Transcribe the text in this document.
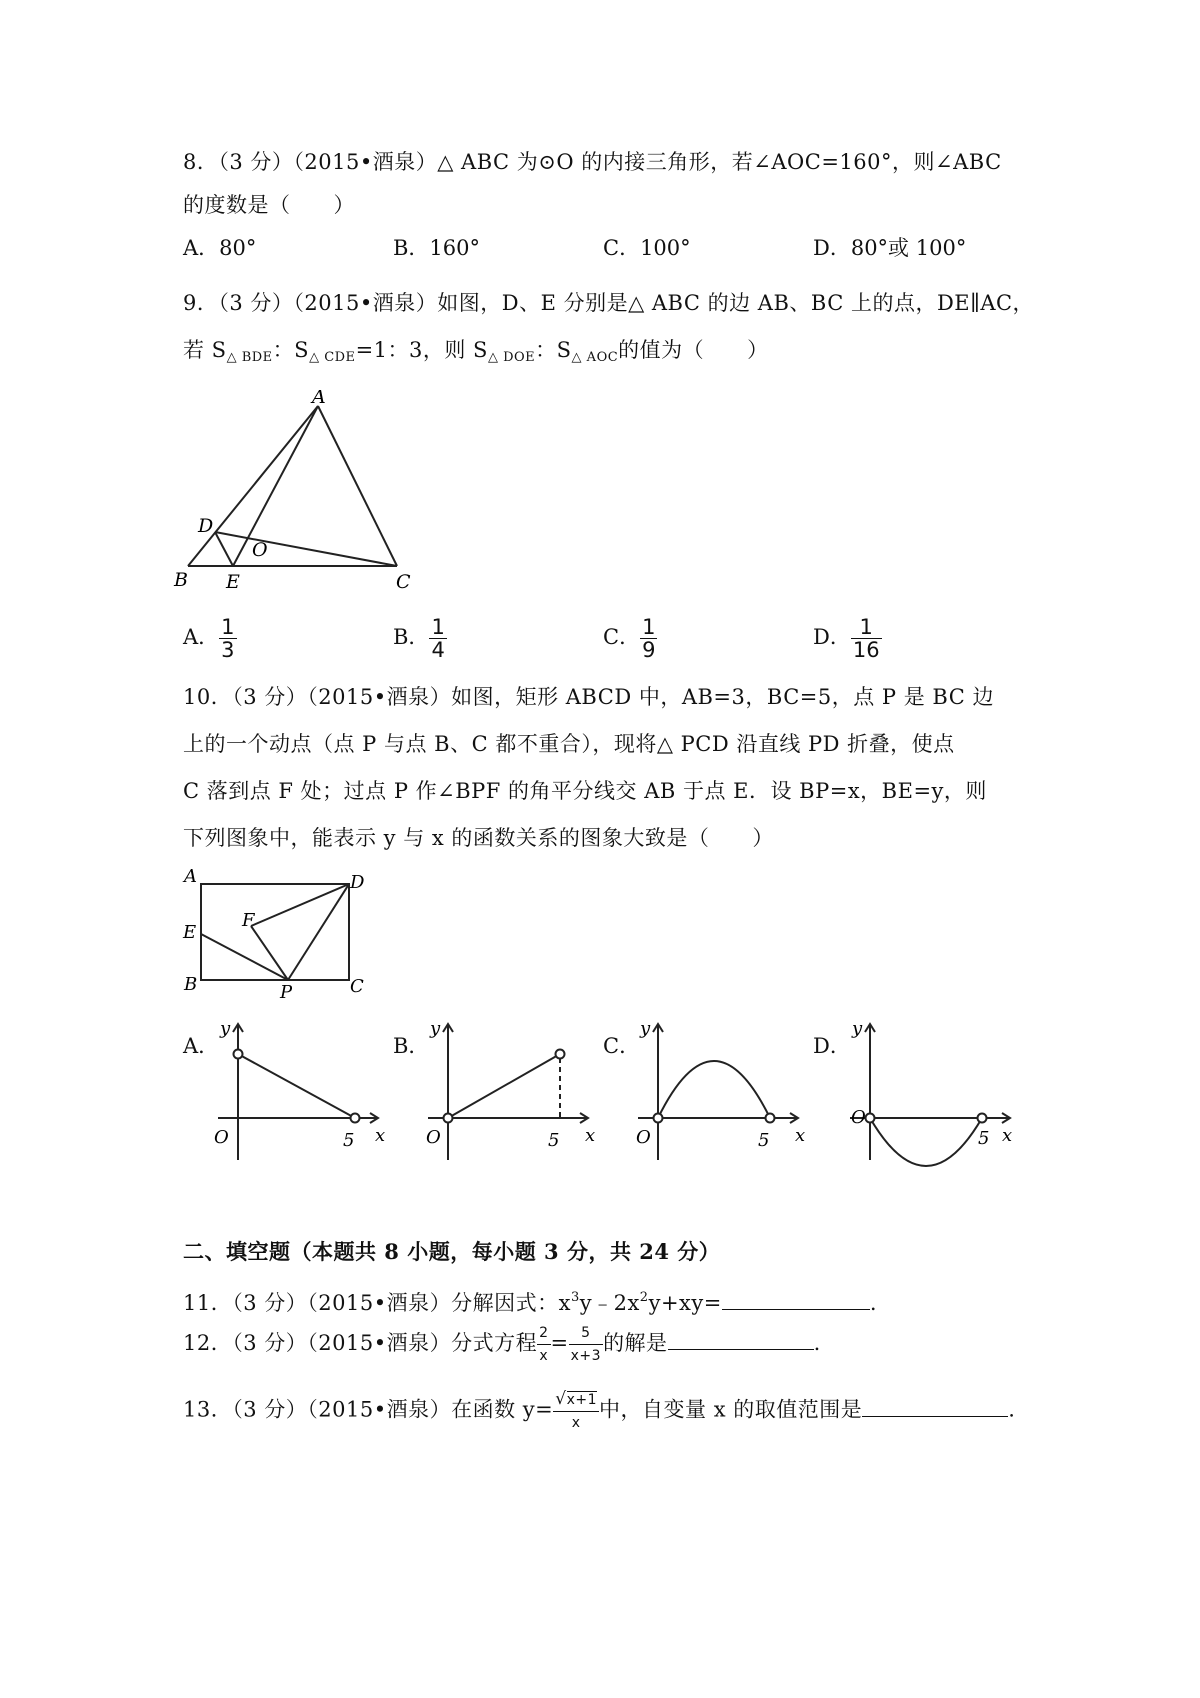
8．（3 分）（2015•酒泉）△ ABC 为⊙O 的内接三角形，若∠AOC=160°，则∠ABC
的度数是（　　）
A．80°	B．160°	C．100°	D．80°或 100°
9．（3 分）（2015•酒泉）如图，D、E 分别是△ ABC 的边 AB、BC 上的点，DE∥AC，
若 $S_{\triangle BDE}$：$S_{\triangle CDE}=1$：3，则 $S_{\triangle DOE}$：$S_{\triangle AOC}$的值为（　　）
A
B	C
D
E
O
A． $\frac{1}{3}$	B． $\frac{1}{4}$	C． $\frac{1}{9}$	D． $\frac{1}{16}$
10．（3 分）（2015•酒泉）如图，矩形 ABCD 中，AB=3，BC=5，点 P 是 BC 边
上的一个动点（点 P 与点 B、C 都不重合），现将△ PCD 沿直线 PD 折叠，使点
C 落到点 F 处；过点 P 作∠BPF 的角平分线交 AB 于点 E．设 BP=x，BE=y，则
下列图象中，能表示 y 与 x 的函数关系的图象大致是（　　）
A	D
E
F
B	P	C
A．
y
O	5 x
B．
y
O	5 x
C．
y
O	5 x
D．
y
O
5 x
二、填空题（本题共 8 小题，每小题 3 分，共 24 分）
11．（3 分）（2015•酒泉）分解因式：$x^3y﹣2x^2y+xy=$	.
12．（3 分）（2015•酒泉）分式方程 $\frac{2}{x} = \frac{5}{x+3}$ 的解是	.
13．（3 分）（2015•酒泉）在函数 $y= \frac{√x+1}{x}$ 中，自变量 x 的取值范围是	.
